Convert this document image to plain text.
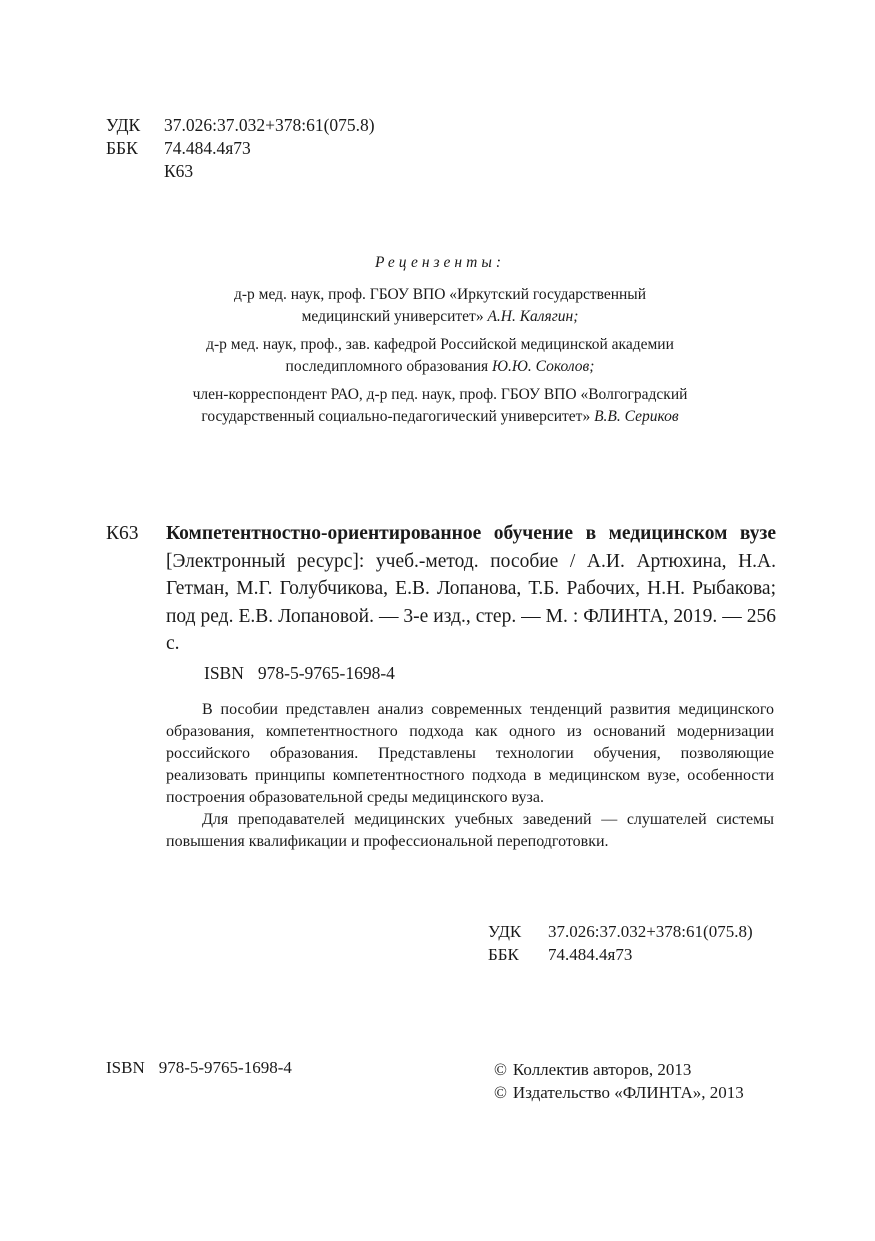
УДК 37.026:37.032+378:61(075.8)
ББК 74.484.4я73
К63
Рецензенты:
д-р мед. наук, проф. ГБОУ ВПО «Иркутский государственный
медицинский университет» А.Н. Калягин;
д-р мед. наук, проф., зав. кафедрой Российской медицинской академии
последипломного образования Ю.Ю. Соколов;
член-корреспондент РАО, д-р пед. наук, проф. ГБОУ ВПО «Волгоградский
государственный социально-педагогический университет» В.В. Сериков
К63 Компетентностно-ориентированное обучение в медицинском вузе [Электронный ресурс]: учеб.-метод. пособие / А.И. Артюхина, Н.А. Гетман, М.Г. Голубчикова, Е.В. Лопанова, Т.Б. Рабочих, Н.Н. Рыбакова; под ред. Е.В. Лопановой. — 3-е изд., стер. — М. : ФЛИНТА, 2019. — 256 с.
ISBN 978-5-9765-1698-4

В пособии представлен анализ современных тенденций развития медицинского образования, компетентностного подхода как одного из оснований модернизации российского образования. Представлены технологии обучения, позволяющие реализовать принципы компетентностного подхода в медицинском вузе, особенности построения образовательной среды медицинского вуза.

Для преподавателей медицинских учебных заведений — слушателей системы повышения квалификации и профессиональной переподготовки.

УДК 37.026:37.032+378:61(075.8)
ББК 74.484.4я73
ISBN 978-5-9765-1698-4	© Коллектив авторов, 2013
© Издательство «ФЛИНТА», 2013
